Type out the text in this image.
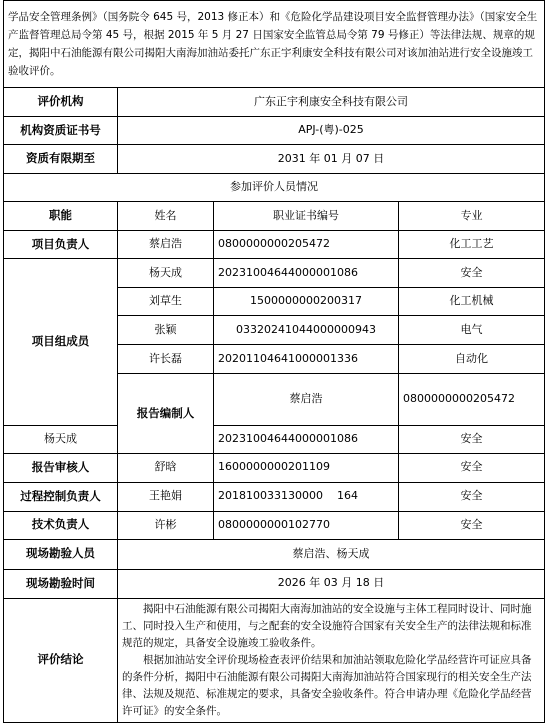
学品安全管理条例》（国务院令 645 号，2013 修正本）和《危险化学品建设项目安全监督管理办法》（国家安全生产监督管理总局令第 45 号，根据 2015 年 5 月 27 日国家安全监管总局令第 79 号修正）等法律法规、规章的规定，揭阳中石油能源有限公司揭阳大南海加油站委托广东正宇利康安全科技有限公司对该加油站进行安全设施竣工验收评价。				
评价机构	广东正宇利康安全科技有限公司			
机构资质证书号	APJ-(粤)-025			
资质有限期至	2031 年 01 月 07 日			
参加评价人员情况				
职能	姓名	职业证书编号	专业	
项目负责人	蔡启浩	0800000000205472	化工工艺	
项目组成员	杨天成	20231004644000001086	安全	
	刘草生	1500000000200317	化工机械	
	张颖	03320241044000000943	电气	
	许长磊	20201104641000001336	自动化	
	报告编制人	蔡启浩	0800000000205472	
杨天成		20231004644000001086	安全	
报告审核人	舒晗	1600000000201109	安全	
过程控制负责人	王艳娟	201810033130000    164	安全	
技术负责人	许彬	0800000000102770	安全	
现场勘验人员	蔡启浩、杨天成			
现场勘验时间	2026 年 03 月 18 日			
评价结论	揭阳中石油能源有限公司揭阳大南海加油站的安全设施与主体工程同时设计、同时施工、同时投入生产和使用，与之配套的安全设施符合国家有关安全生产的法律法规和标准规范的规定，具备安全设施竣工验收条件。

根据加油站安全评价现场检查表评价结果和加油站领取危险化学品经营许可证应具备的条件分析，揭阳中石油能源有限公司揭阳大南海加油站符合国家现行的相关安全生产法律、法规及规范、标准规定的要求，具备安全验收条件。符合申请办理《危险化学品经营许可证》的安全条件。			
